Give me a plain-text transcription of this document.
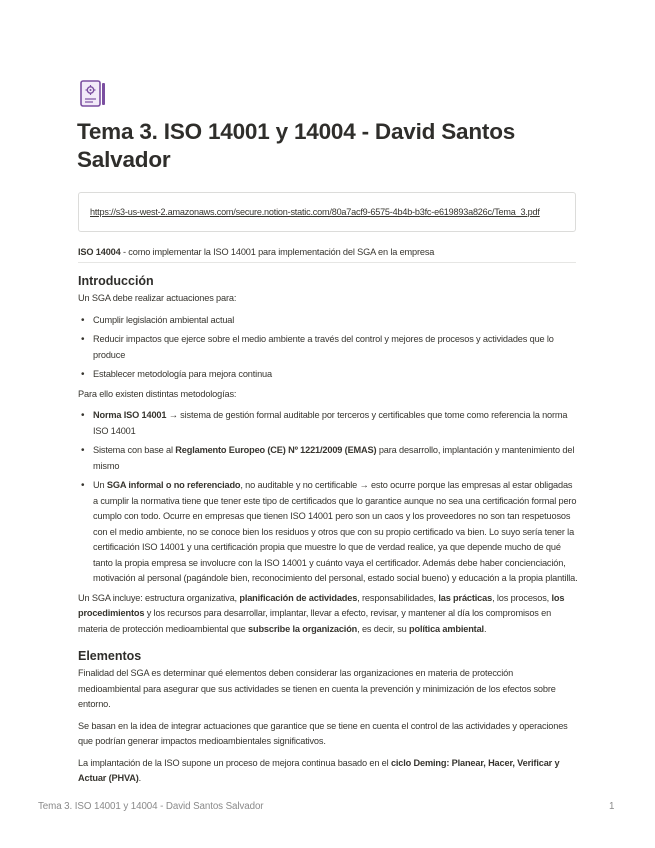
Tema 3. ISO 14001 y 14004 - David Santos
Salvador
https://s3-us-west-2.amazonaws.com/secure.notion-static.com/80a7acf9-6575-4b4b-b3fc-e619893a826c/Tema_3.pdf
ISO 14004 - como implementar la ISO 14001 para implementación del SGA en la empresa
Introducción

Un SGA debe realizar actuaciones para:

• Cumplir legislación ambiental actual
• Reducir impactos que ejerce sobre el medio ambiente a través del control y mejores de procesos y actividades que lo produce
• Establecer metodología para mejora continua

Para ello existen distintas metodologías:

• Norma ISO 14001 → sistema de gestión formal auditable por terceros y certificables que tome como referencia la norma ISO 14001
• Sistema con base al Reglamento Europeo (CE) Nº 1221/2009 (EMAS) para desarrollo, implantación y mantenimiento del mismo
• Un SGA informal o no referenciado, no auditable y no certificable → esto ocurre porque las empresas al estar obligadas a cumplir la normativa tiene que tener este tipo de certificados que lo garantice aunque no sea una certificación formal pero cumplo con todo. Ocurre en empresas que tienen ISO 14001 pero son un caos y los proveedores no son tan respetuosos con el medio ambiente, no se conoce bien los residuos y otros que con su propio certificado va bien. Lo suyo sería tener la certificación ISO 14001 y una certificación propia que muestre lo que de verdad realice, ya que depende mucho de qué tanto la propia empresa se involucre con la ISO 14001 y cuánto vaya el certificador. Además debe haber concienciación, motivación al personal (pagándole bien, reconocimiento del personal, estado social bueno) y educación a la propia plantilla.

Un SGA incluye: estructura organizativa, planificación de actividades, responsabilidades, las prácticas, los procesos, los procedimientos y los recursos para desarrollar, implantar, llevar a efecto, revisar, y mantener al día los compromisos en materia de protección medioambiental que subscribe la organización, es decir, su política ambiental.

Elementos

Finalidad del SGA es determinar qué elementos deben considerar las organizaciones en materia de protección medioambiental para asegurar que sus actividades se tienen en cuenta la prevención y minimización de los efectos sobre entorno.

Se basan en la idea de integrar actuaciones que garantice que se tiene en cuenta el control de las actividades y operaciones que podrían generar impactos medioambientales significativos.

La implantación de la ISO supone un proceso de mejora continua basado en el ciclo Deming: Planear, Hacer, Verificar y Actuar (PHVA).

Tema 3. ISO 14001 y 14004 - David Santos Salvador	1
